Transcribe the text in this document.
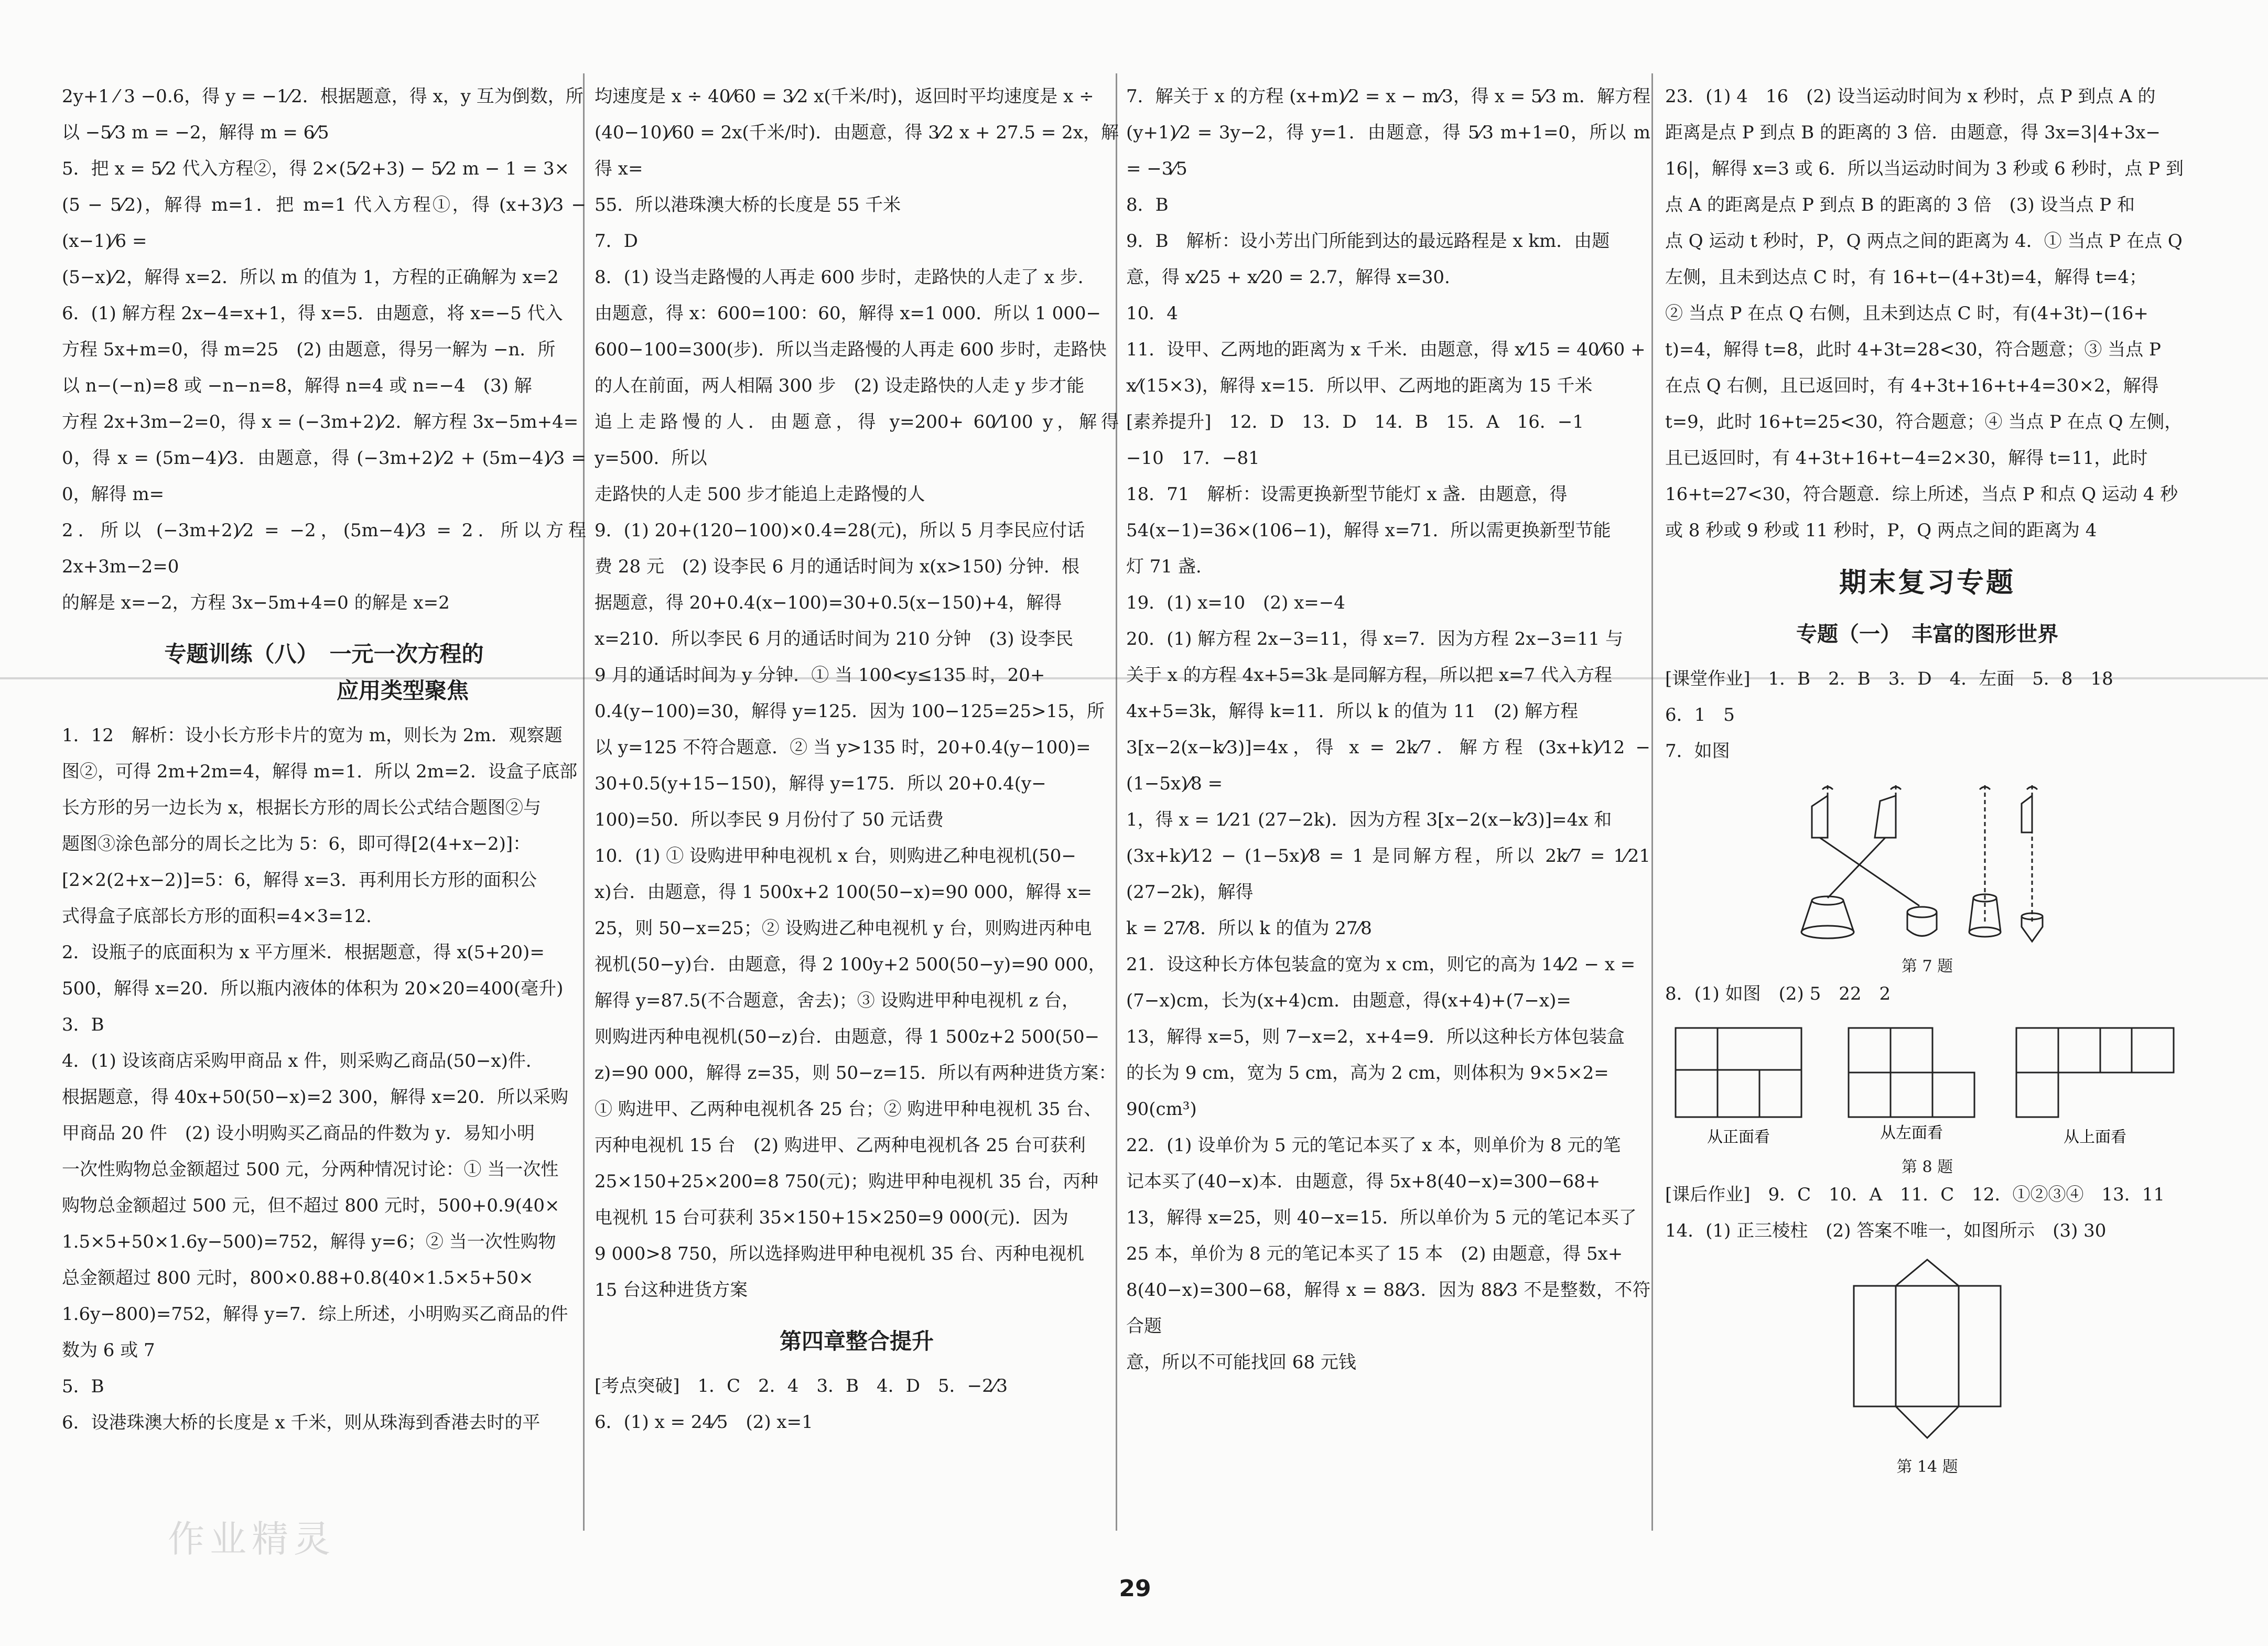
2y+1 ⁄ 3 −0.6，得 y = −1⁄2．根据题意，得 x，y 互为倒数，所

以 −5⁄3 m = −2，解得 m = 6⁄5

5．把 x = 5⁄2 代入方程②，得 2×(5⁄2+3) − 5⁄2 m − 1 = 3×

(5 − 5⁄2)，解得 m=1．把 m=1 代入方程①，得 (x+3)⁄3 − (x−1)⁄6 =

(5−x)⁄2，解得 x=2．所以 m 的值为 1，方程的正确解为 x=2

6．(1) 解方程 2x−4=x+1，得 x=5．由题意，将 x=−5 代入

方程 5x+m=0，得 m=25　(2) 由题意，得另一解为 −n．所

以 n−(−n)=8 或 −n−n=8，解得 n=4 或 n=−4　(3) 解

方程 2x+3m−2=0，得 x = (−3m+2)⁄2．解方程 3x−5m+4=

0，得 x = (5m−4)⁄3．由题意，得 (−3m+2)⁄2 + (5m−4)⁄3 = 0，解得 m=

2．所以 (−3m+2)⁄2 = −2，(5m−4)⁄3 = 2．所以方程 2x+3m−2=0

的解是 x=−2，方程 3x−5m+4=0 的解是 x=2

专题训练（八）　一元一次方程的
应用类型聚焦

1．12　解析：设小长方形卡片的宽为 m，则长为 2m．观察题

图②，可得 2m+2m=4，解得 m=1．所以 2m=2．设盒子底部

长方形的另一边长为 x，根据长方形的周长公式结合题图②与

题图③涂色部分的周长之比为 5：6，即可得[2(4+x−2)]：

[2×2(2+x−2)]=5：6，解得 x=3．再利用长方形的面积公

式得盒子底部长方形的面积=4×3=12.

2．设瓶子的底面积为 x 平方厘米．根据题意，得 x(5+20)=

500，解得 x=20．所以瓶内液体的体积为 20×20=400(毫升)

3．B

4．(1) 设该商店采购甲商品 x 件，则采购乙商品(50−x)件．

根据题意，得 40x+50(50−x)=2 300，解得 x=20．所以采购

甲商品 20 件　(2) 设小明购买乙商品的件数为 y．易知小明

一次性购物总金额超过 500 元，分两种情况讨论：① 当一次性

购物总金额超过 500 元，但不超过 800 元时，500+0.9(40×

1.5×5+50×1.6y−500)=752，解得 y=6；② 当一次性购物

总金额超过 800 元时，800×0.88+0.8(40×1.5×5+50×

1.6y−800)=752，解得 y=7．综上所述，小明购买乙商品的件

数为 6 或 7

5．B

6．设港珠澳大桥的长度是 x 千米，则从珠海到香港去时的平

均速度是 x ÷ 40⁄60 = 3⁄2 x(千米/时)，返回时平均速度是 x ÷

(40−10)⁄60 = 2x(千米/时)．由题意，得 3⁄2 x + 27.5 = 2x，解得 x=

55．所以港珠澳大桥的长度是 55 千米

7．D

8．(1) 设当走路慢的人再走 600 步时，走路快的人走了 x 步．

由题意，得 x：600=100：60，解得 x=1 000．所以 1 000−

600−100=300(步)．所以当走路慢的人再走 600 步时，走路快

的人在前面，两人相隔 300 步　(2) 设走路快的人走 y 步才能

追上走路慢的人．由题意，得 y=200+ 60⁄100 y，解得 y=500．所以

走路快的人走 500 步才能追上走路慢的人

9．(1) 20+(120−100)×0.4=28(元)，所以 5 月李民应付话

费 28 元　(2) 设李民 6 月的通话时间为 x(x>150) 分钟．根

据题意，得 20+0.4(x−100)=30+0.5(x−150)+4，解得

x=210．所以李民 6 月的通话时间为 210 分钟　(3) 设李民

9 月的通话时间为 y 分钟．① 当 100<y≤135 时，20+

0.4(y−100)=30，解得 y=125．因为 100−125=25>15，所

以 y=125 不符合题意．② 当 y>135 时，20+0.4(y−100)=

30+0.5(y+15−150)，解得 y=175．所以 20+0.4(y−

100)=50．所以李民 9 月份付了 50 元话费

10．(1) ① 设购进甲种电视机 x 台，则购进乙种电视机(50−

x)台．由题意，得 1 500x+2 100(50−x)=90 000，解得 x=

25，则 50−x=25；② 设购进乙种电视机 y 台，则购进丙种电

视机(50−y)台．由题意，得 2 100y+2 500(50−y)=90 000，

解得 y=87.5(不合题意，舍去)；③ 设购进甲种电视机 z 台，

则购进丙种电视机(50−z)台．由题意，得 1 500z+2 500(50−

z)=90 000，解得 z=35，则 50−z=15．所以有两种进货方案：

① 购进甲、乙两种电视机各 25 台；② 购进甲种电视机 35 台、

丙种电视机 15 台　(2) 购进甲、乙两种电视机各 25 台可获利

25×150+25×200=8 750(元)；购进甲种电视机 35 台，丙种

电视机 15 台可获利 35×150+15×250=9 000(元)．因为

9 000>8 750，所以选择购进甲种电视机 35 台、丙种电视机

15 台这种进货方案

第四章整合提升

[考点突破]　1．C　2．4　3．B　4．D　5．−2⁄3

6．(1) x = 24⁄5　(2) x=1

7．解关于 x 的方程 (x+m)⁄2 = x − m⁄3，得 x = 5⁄3 m．解方程

(y+1)⁄2 = 3y−2，得 y=1．由题意，得 5⁄3 m+1=0，所以 m = −3⁄5

8．B

9．B　解析：设小芳出门所能到达的最远路程是 x km．由题

意，得 x⁄25 + x⁄20 = 2.7，解得 x=30.

10．4

11．设甲、乙两地的距离为 x 千米．由题意，得 x⁄15 = 40⁄60 +

x⁄(15×3)，解得 x=15．所以甲、乙两地的距离为 15 千米

[素养提升]　12．D　13．D　14．B　15．A　16．−1

−10　17．−81

18．71　解析：设需更换新型节能灯 x 盏．由题意，得

54(x−1)=36×(106−1)，解得 x=71．所以需更换新型节能

灯 71 盏.

19．(1) x=10　(2) x=−4

20．(1) 解方程 2x−3=11，得 x=7．因为方程 2x−3=11 与

关于 x 的方程 4x+5=3k 是同解方程，所以把 x=7 代入方程

4x+5=3k，解得 k=11．所以 k 的值为 11　(2) 解方程

3[x−2(x−k⁄3)]=4x，得 x = 2k⁄7．解方程 (3x+k)⁄12 − (1−5x)⁄8 =

1，得 x = 1⁄21 (27−2k)．因为方程 3[x−2(x−k⁄3)]=4x 和

(3x+k)⁄12 − (1−5x)⁄8 = 1 是同解方程，所以 2k⁄7 = 1⁄21 (27−2k)，解得

k = 27⁄8．所以 k 的值为 27⁄8

21．设这种长方体包装盒的宽为 x cm，则它的高为 14⁄2 − x =

(7−x)cm，长为(x+4)cm．由题意，得(x+4)+(7−x)=

13，解得 x=5，则 7−x=2，x+4=9．所以这种长方体包装盒

的长为 9 cm，宽为 5 cm，高为 2 cm，则体积为 9×5×2=

90(cm³)

22．(1) 设单价为 5 元的笔记本买了 x 本，则单价为 8 元的笔

记本买了(40−x)本．由题意，得 5x+8(40−x)=300−68+

13，解得 x=25，则 40−x=15．所以单价为 5 元的笔记本买了

25 本，单价为 8 元的笔记本买了 15 本　(2) 由题意，得 5x+

8(40−x)=300−68，解得 x = 88⁄3．因为 88⁄3 不是整数，不符合题

意，所以不可能找回 68 元钱

23．(1) 4　16　(2) 设当运动时间为 x 秒时，点 P 到点 A 的

距离是点 P 到点 B 的距离的 3 倍．由题意，得 3x=3|4+3x−

16|，解得 x=3 或 6．所以当运动时间为 3 秒或 6 秒时，点 P 到

点 A 的距离是点 P 到点 B 的距离的 3 倍　(3) 设当点 P 和

点 Q 运动 t 秒时，P，Q 两点之间的距离为 4．① 当点 P 在点 Q

左侧，且未到达点 C 时，有 16+t−(4+3t)=4，解得 t=4；

② 当点 P 在点 Q 右侧，且未到达点 C 时，有(4+3t)−(16+

t)=4，解得 t=8，此时 4+3t=28<30，符合题意；③ 当点 P

在点 Q 右侧，且已返回时，有 4+3t+16+t+4=30×2，解得

t=9，此时 16+t=25<30，符合题意；④ 当点 P 在点 Q 左侧，

且已返回时，有 4+3t+16+t−4=2×30，解得 t=11，此时

16+t=27<30，符合题意．综上所述，当点 P 和点 Q 运动 4 秒

或 8 秒或 9 秒或 11 秒时，P，Q 两点之间的距离为 4

期末复习专题
专题（一）　丰富的图形世界

[课堂作业]　1．B　2．B　3．D　4．左面　5．8　18

6．1　5

7．如图

第 7 题

8．(1) 如图　(2) 5　22　2

从正面看	从左面看	从上面看

第 8 题

[课后作业]　9．C　10．A　11．C　12．①②③④　13．11

14．(1) 正三棱柱　(2) 答案不唯一，如图所示　(3) 30

第 14 题

作业精灵
29
